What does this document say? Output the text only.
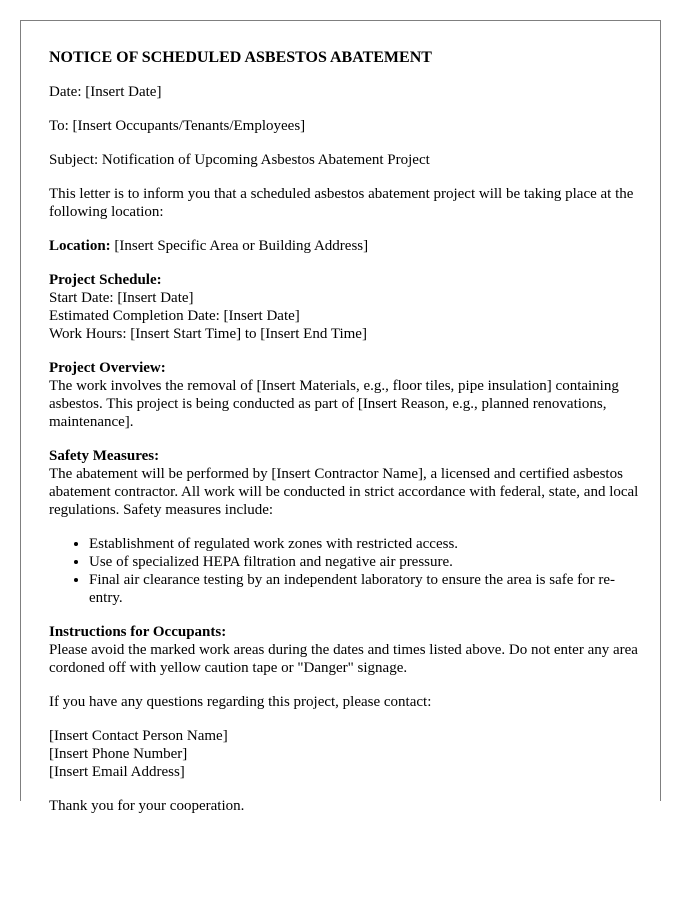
NOTICE OF SCHEDULED ASBESTOS ABATEMENT

Date: [Insert Date]

To: [Insert Occupants/Tenants/Employees]

Subject: Notification of Upcoming Asbestos Abatement Project

This letter is to inform you that a scheduled asbestos abatement project will be taking place at the following location:

Location: [Insert Specific Area or Building Address]

Project Schedule:
Start Date: [Insert Date]
Estimated Completion Date: [Insert Date]
Work Hours: [Insert Start Time] to [Insert End Time]

Project Overview:
The work involves the removal of [Insert Materials, e.g., floor tiles, pipe insulation] containing asbestos. This project is being conducted as part of [Insert Reason, e.g., planned renovations, maintenance].

Safety Measures:
The abatement will be performed by [Insert Contractor Name], a licensed and certified asbestos abatement contractor. All work will be conducted in strict accordance with federal, state, and local regulations. Safety measures include:

• Establishment of regulated work zones with restricted access.
• Use of specialized HEPA filtration and negative air pressure.
• Final air clearance testing by an independent laboratory to ensure the area is safe for re-entry.

Instructions for Occupants:
Please avoid the marked work areas during the dates and times listed above. Do not enter any area cordoned off with yellow caution tape or "Danger" signage.

If you have any questions regarding this project, please contact:

[Insert Contact Person Name]
[Insert Phone Number]
[Insert Email Address]

Thank you for your cooperation.
